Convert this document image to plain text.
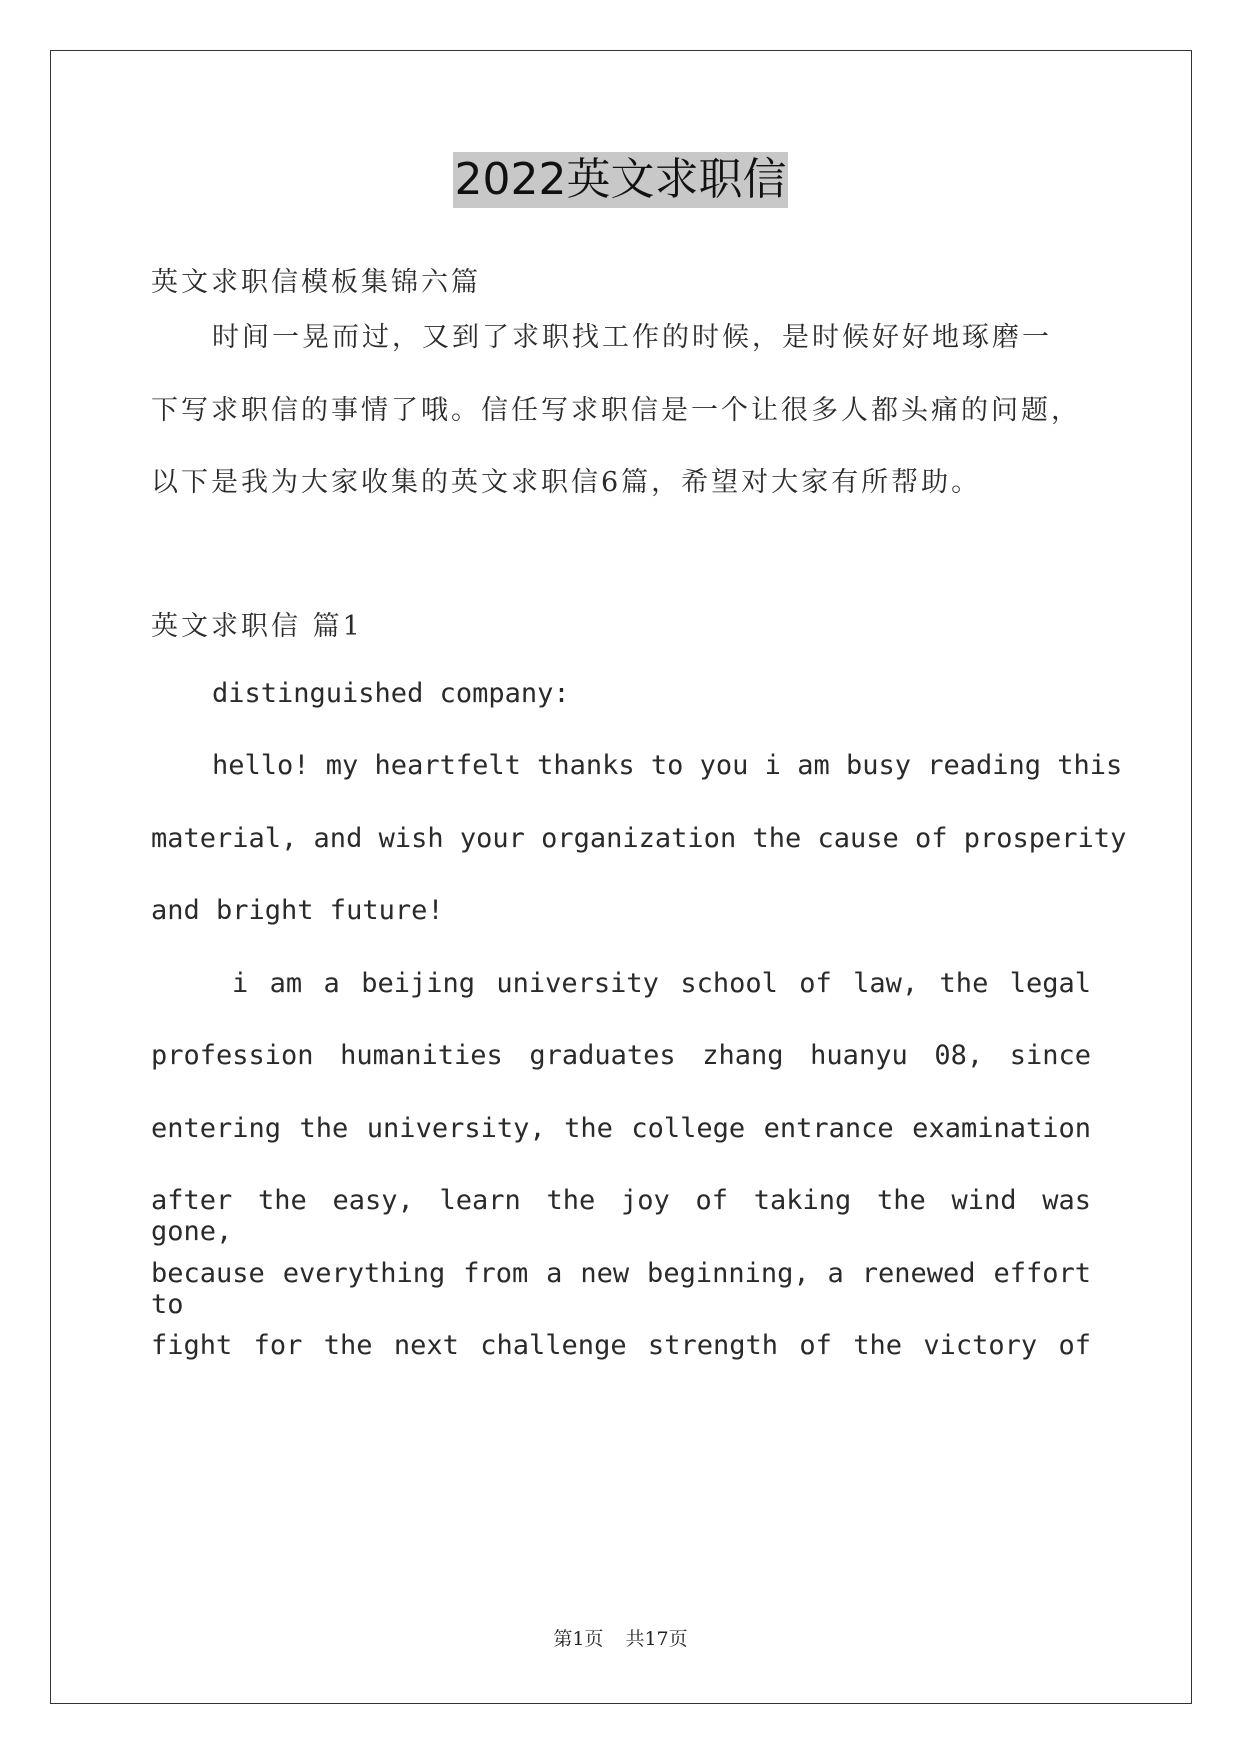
2022英文求职信
英文求职信模板集锦六篇
时间一晃而过，又到了求职找工作的时候，是时候好好地琢磨一
下写求职信的事情了哦。信任写求职信是一个让很多人都头痛的问题，
以下是我为大家收集的英文求职信6篇，希望对大家有所帮助。
英文求职信 篇1
distinguished company:
hello! my heartfelt thanks to you i am busy reading this
material, and wish your organization the cause of prosperity
and bright future!
i am a beijing university school of law, the legal
profession humanities graduates zhang huanyu 08, since
entering the university, the college entrance examination
after the easy, learn the joy of taking the wind was gone,
because everything from a new beginning, a renewed effort to
fight for the next challenge strength of the victory of
第1页 共17页
